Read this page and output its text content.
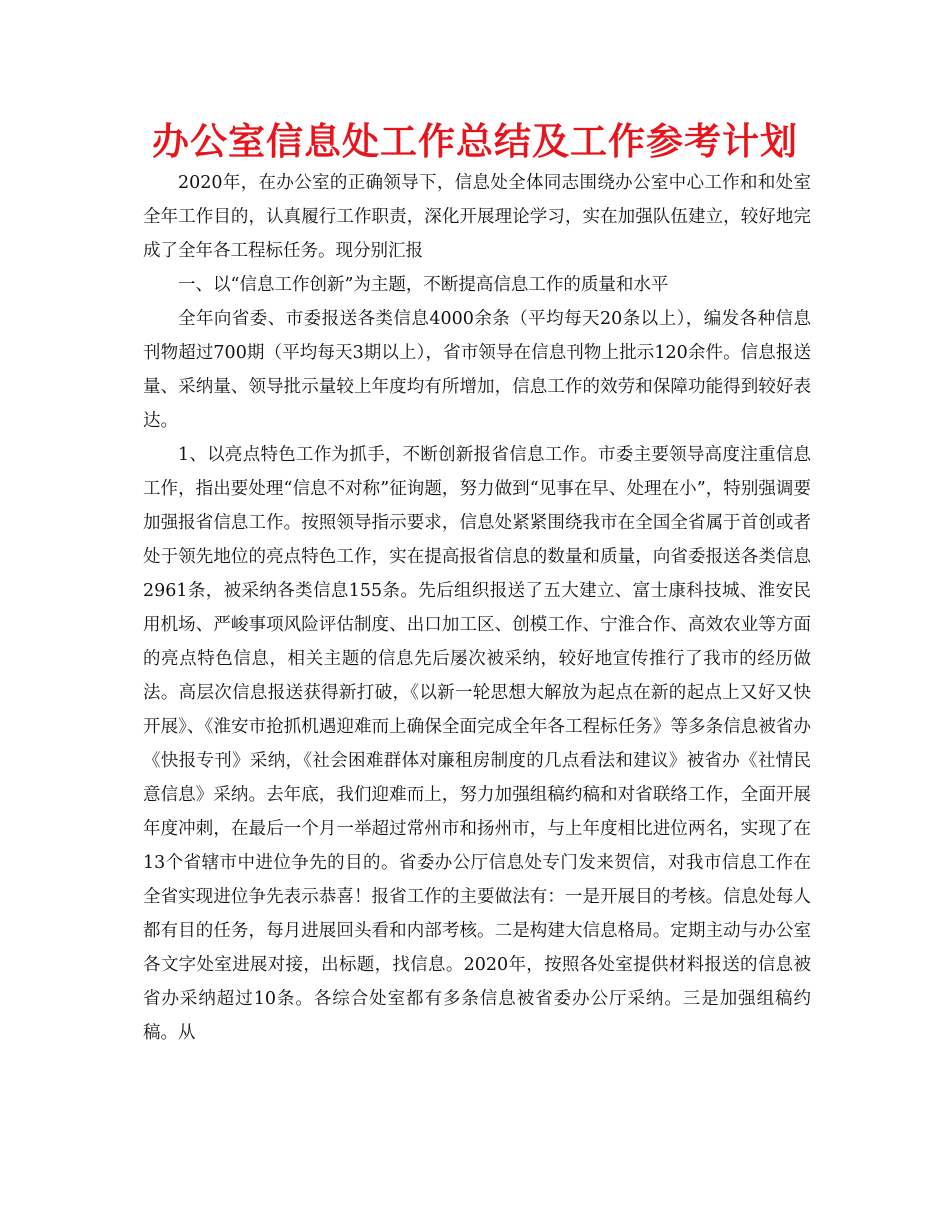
办公室信息处工作总结及工作参考计划

2020年，在办公室的正确领导下，信息处全体同志围绕办公室中心工作和和处室全年工作目的，认真履行工作职责，深化开展理论学习，实在加强队伍建立，较好地完成了全年各工程标任务。现分别汇报

一、以“信息工作创新”为主题，不断提高信息工作的质量和水平

全年向省委、市委报送各类信息4000余条（平均每天20条以上），编发各种信息刊物超过700期（平均每天3期以上），省市领导在信息刊物上批示120余件。信息报送量、采纳量、领导批示量较上年度均有所增加，信息工作的效劳和保障功能得到较好表达。

1、以亮点特色工作为抓手，不断创新报省信息工作。市委主要领导高度注重信息工作，指出要处理“信息不对称”征询题，努力做到“见事在早、处理在小”，特别强调要加强报省信息工作。按照领导指示要求，信息处紧紧围绕我市在全国全省属于首创或者处于领先地位的亮点特色工作，实在提高报省信息的数量和质量，向省委报送各类信息2961条，被采纳各类信息155条。先后组织报送了五大建立、富士康科技城、淮安民用机场、严峻事项风险评估制度、出口加工区、创模工作、宁淮合作、高效农业等方面的亮点特色信息，相关主题的信息先后屡次被采纳，较好地宣传推行了我市的经历做法。高层次信息报送获得新打破，《以新一轮思想大解放为起点在新的起点上又好又快开展》、《淮安市抢抓机遇迎难而上确保全面完成全年各工程标任务》等多条信息被省办《快报专刊》采纳，《社会困难群体对廉租房制度的几点看法和建议》被省办《社情民意信息》采纳。去年底，我们迎难而上，努力加强组稿约稿和对省联络工作，全面开展年度冲刺，在最后一个月一举超过常州市和扬州市，与上年度相比进位两名，实现了在13个省辖市中进位争先的目的。省委办公厅信息处专门发来贺信，对我市信息工作在全省实现进位争先表示恭喜！报省工作的主要做法有：一是开展目的考核。信息处每人都有目的任务，每月进展回头看和内部考核。二是构建大信息格局。定期主动与办公室各文字处室进展对接，出标题，找信息。2020年，按照各处室提供材料报送的信息被省办采纳超过10条。各综合处室都有多条信息被省委办公厅采纳。三是加强组稿约稿。从
